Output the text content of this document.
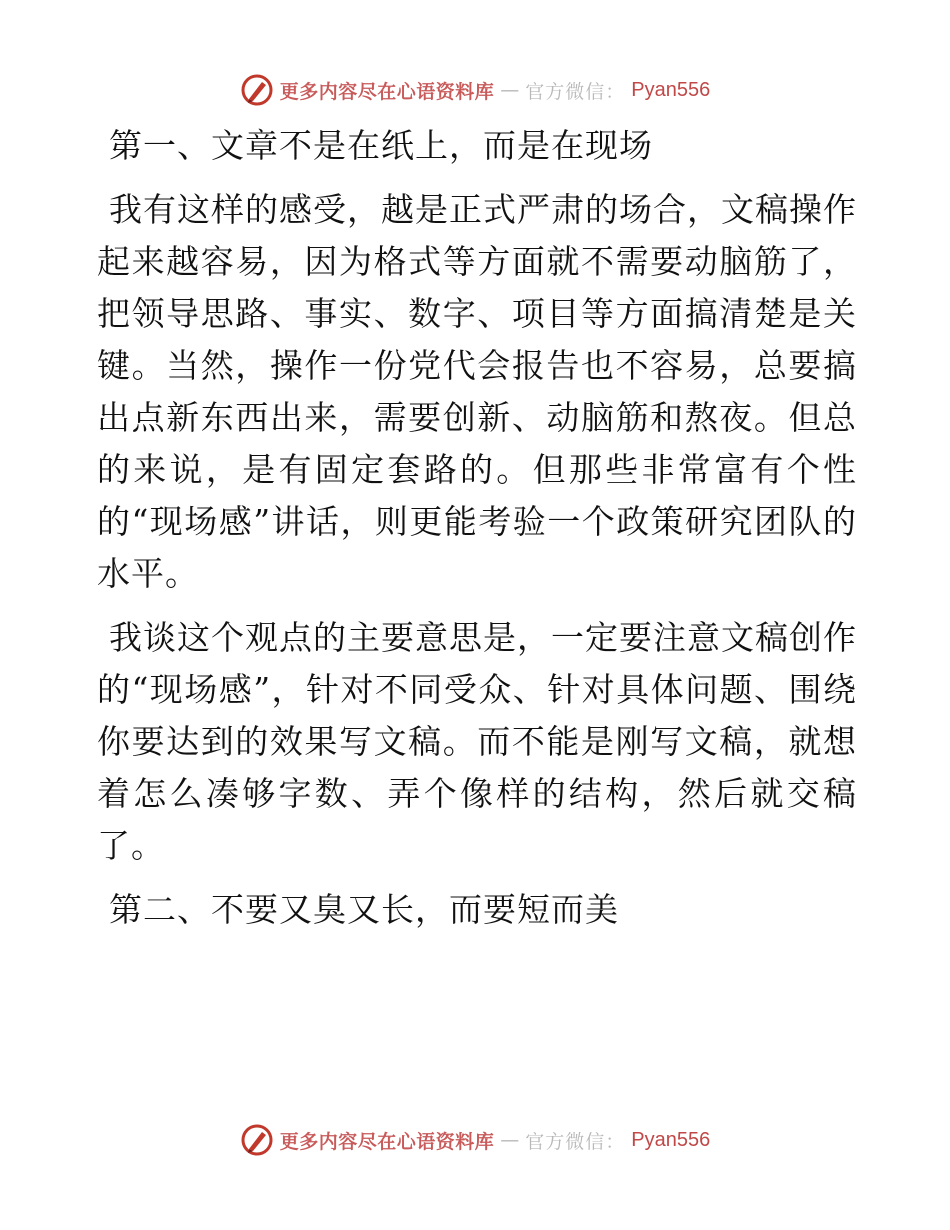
更多内容尽在心语资料库 — 官方微信： Pyan556
第一、文章不是在纸上，而是在现场

我有这样的感受，越是正式严肃的场合，文稿操作起来越容易，因为格式等方面就不需要动脑筋了，把领导思路、事实、数字、项目等方面搞清楚是关键。当然，操作一份党代会报告也不容易，总要搞出点新东西出来，需要创新、动脑筋和熬夜。但总的来说，是有固定套路的。但那些非常富有个性的“现场感”讲话，则更能考验一个政策研究团队的水平。

我谈这个观点的主要意思是，一定要注意文稿创作的“现场感”，针对不同受众、针对具体问题、围绕你要达到的效果写文稿。而不能是刚写文稿，就想着怎么凑够字数、弄个像样的结构，然后就交稿了。

第二、不要又臭又长，而要短而美
更多内容尽在心语资料库 — 官方微信： Pyan556
